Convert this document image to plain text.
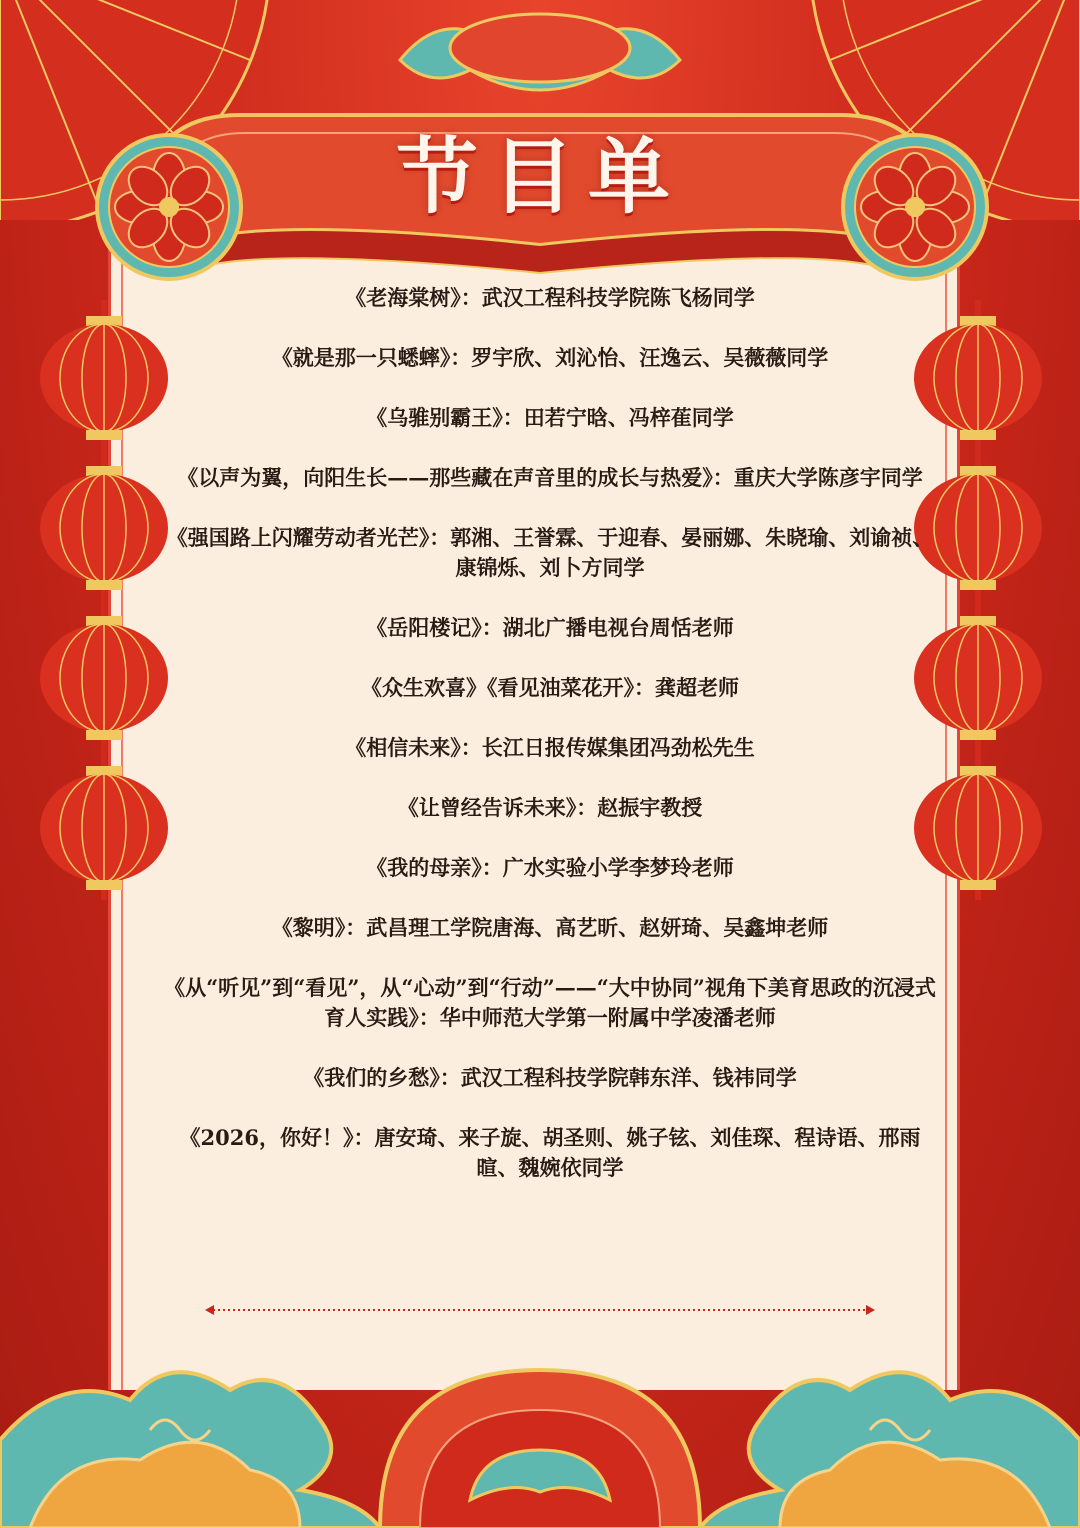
节目单
《老海棠树》：武汉工程科技学院陈飞杨同学
《就是那一只蟋蟀》：罗宇欣、刘沁怡、汪逸云、吴薇薇同学
《乌骓别霸王》：田若宁晗、冯梓萑同学
《以声为翼，向阳生长——那些藏在声音里的成长与热爱》：重庆大学陈彦宇同学
《强国路上闪耀劳动者光芒》：郭湘、王誉霖、于迎春、晏丽娜、朱晓瑜、刘谕祯、康锦烁、刘卜方同学
《岳阳楼记》：湖北广播电视台周恬老师
《众生欢喜》《看见油菜花开》：龚超老师
《相信未来》：长江日报传媒集团冯劲松先生
《让曾经告诉未来》：赵振宇教授
《我的母亲》：广水实验小学李梦玲老师
《黎明》：武昌理工学院唐海、高艺昕、赵妍琦、吴鑫坤老师
《从“听见”到“看见”，从“心动”到“行动”——“大中协同”视角下美育思政的沉浸式育人实践》：华中师范大学第一附属中学凌潘老师
《我们的乡愁》：武汉工程科技学院韩东洋、钱祎同学
《2026，你好！》：唐安琦、来子旋、胡圣则、姚子铉、刘佳琛、程诗语、邢雨暄、魏婉依同学
